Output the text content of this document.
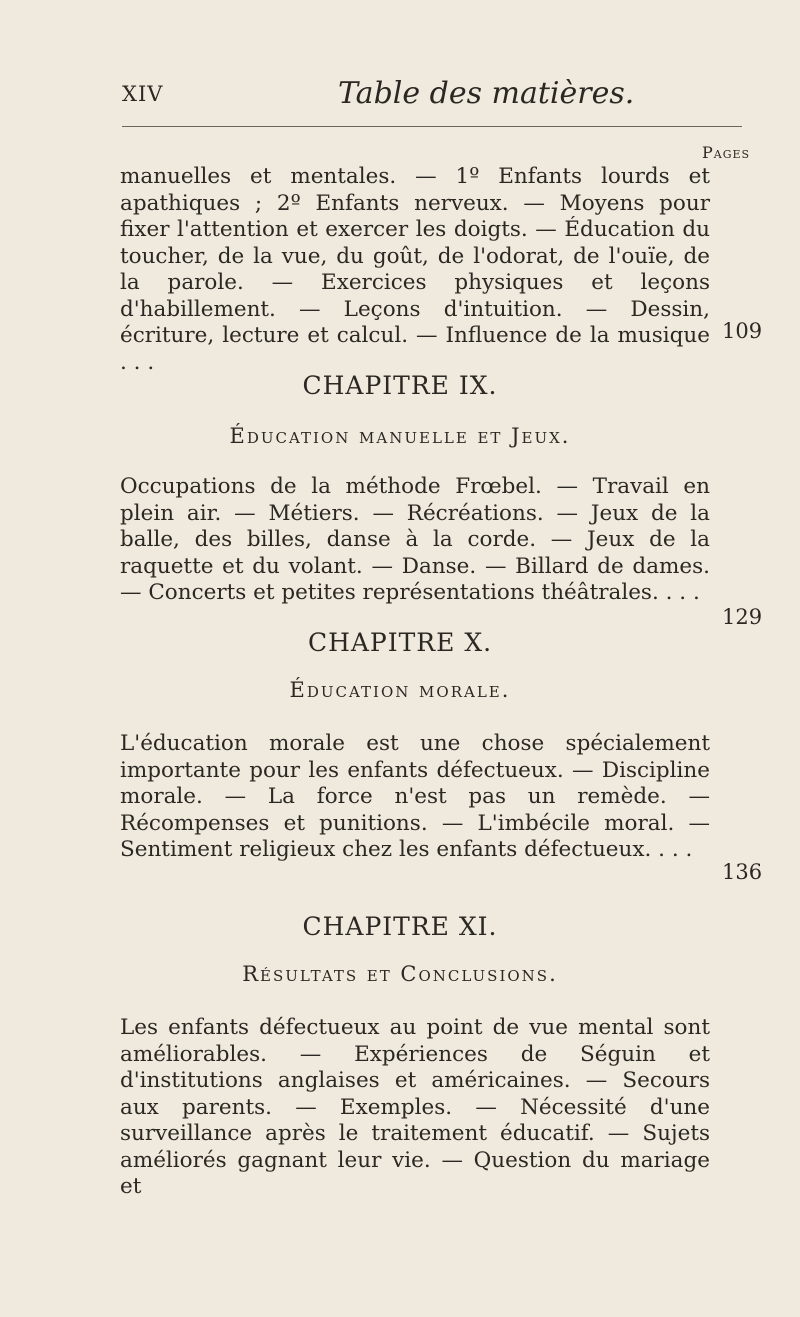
XIV	Table des matières.
Pages

manuelles et mentales. — 1º Enfants lourds et apathiques ; 2º Enfants nerveux. — Moyens pour fixer l'attention et exercer les doigts. — Éducation du toucher, de la vue, du goût, de l'odorat, de l'ouïe, de la parole. — Exercices physiques et leçons d'habillement. — Leçons d'intuition. — Dessin, écriture, lecture et calcul. — Influence de la musique . . . 109
CHAPITRE IX.
Éducation manuelle et Jeux.

Occupations de la méthode Frœbel. — Travail en plein air. — Métiers. — Récréations. — Jeux de la balle, des billes, danse à la corde. — Jeux de la raquette et du volant. — Danse. — Billard de dames. — Concerts et petites représentations théâtrales. . . .

129
CHAPITRE X.
Éducation morale.

L'éducation morale est une chose spécialement importante pour les enfants défectueux. — Discipline morale. — La force n'est pas un remède. — Récompenses et punitions. — L'imbécile moral. — Sentiment religieux chez les enfants défectueux. . . .

136
CHAPITRE XI.
Résultats et Conclusions.

Les enfants défectueux au point de vue mental sont améliorables. — Expériences de Séguin et d'institutions anglaises et américaines. — Secours aux parents. — Exemples. — Nécessité d'une surveillance après le traitement éducatif. — Sujets améliorés gagnant leur vie. — Question du mariage et
